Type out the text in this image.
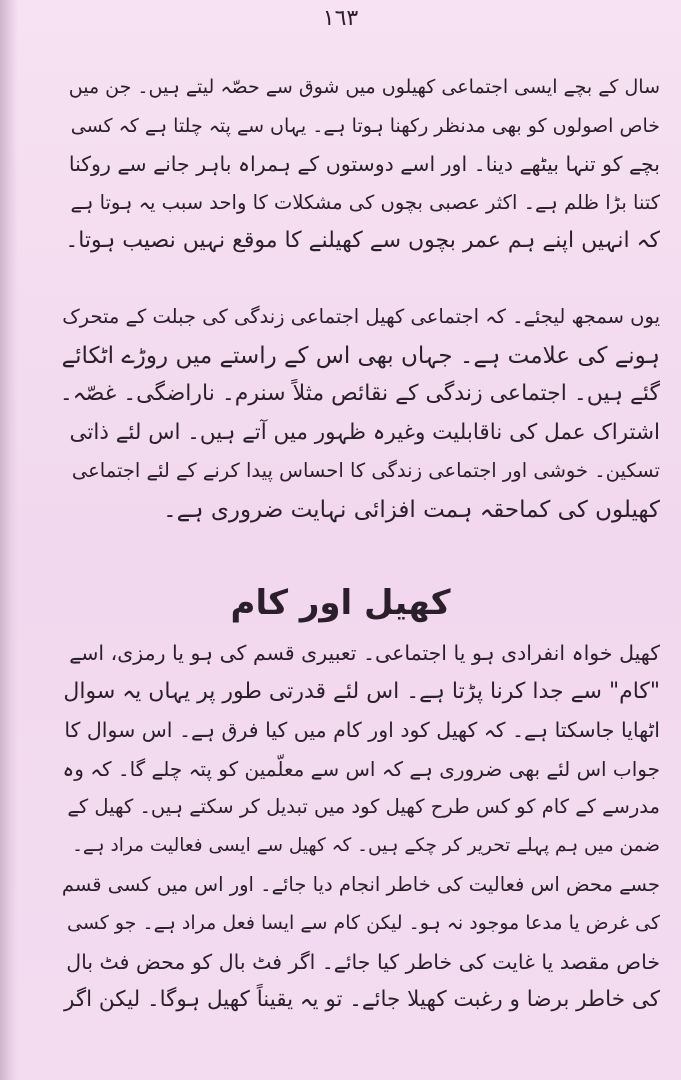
١٦٣
سال کے بچے ایسی اجتماعی کھیلوں میں شوق سے حصّہ لیتے ہیں۔ جن میں
خاص اصولوں کو بھی مدنظر رکھنا ہوتا ہے۔ یہاں سے پتہ چلتا ہے کہ کسی
بچے کو تنہا بیٹھے دینا۔ اور اسے دوستوں کے ہمراہ باہر جانے سے روکنا
کتنا بڑا ظلم ہے۔ اکثر عصبی بچوں کی مشکلات کا واحد سبب یہ ہوتا ہے
کہ انہیں اپنے ہم عمر بچوں سے کھیلنے کا موقع نہیں نصیب ہوتا۔
یوں سمجھ لیجئے۔ کہ اجتماعی کھیل اجتماعی زندگی کی جبلت کے متحرک
ہونے کی علامت ہے۔ جہاں بھی اس کے راستے میں روڑے اٹکائے
گئے ہیں۔ اجتماعی زندگی کے نقائص مثلاً سنرم۔ ناراضگی۔ غصّہ۔
اشتراک عمل کی ناقابلیت وغیرہ ظہور میں آتے ہیں۔ اس لئے ذاتی
تسکین۔ خوشی اور اجتماعی زندگی کا احساس پیدا کرنے کے لئے اجتماعی
کھیلوں کی کماحقہ ہمت افزائی نہایت ضروری ہے۔
کھیل اور کام
کھیل خواہ انفرادی ہو یا اجتماعی۔ تعبیری قسم کی ہو یا رمزی، اسے
"کام" سے جدا کرنا پڑتا ہے۔ اس لئے قدرتی طور پر یہاں یہ سوال
اٹھایا جاسکتا ہے۔ کہ کھیل کود اور کام میں کیا فرق ہے۔ اس سوال کا
جواب اس لئے بھی ضروری ہے کہ اس سے معلّمین کو پتہ چلے گا۔ کہ وہ
مدرسے کے کام کو کس طرح کھیل کود میں تبدیل کر سکتے ہیں۔ کھیل کے
ضمن میں ہم پہلے تحریر کر چکے ہیں۔ کہ کھیل سے ایسی فعالیت مراد ہے۔
جسے محض اس فعالیت کی خاطر انجام دیا جائے۔ اور اس میں کسی قسم
کی غرض یا مدعا موجود نہ ہو۔ لیکن کام سے ایسا فعل مراد ہے۔ جو کسی
خاص مقصد یا غایت کی خاطر کیا جائے۔ اگر فٹ بال کو محض فٹ بال
کی خاطر برضا و رغبت کھیلا جائے۔ تو یہ یقیناً کھیل ہوگا۔ لیکن اگر
